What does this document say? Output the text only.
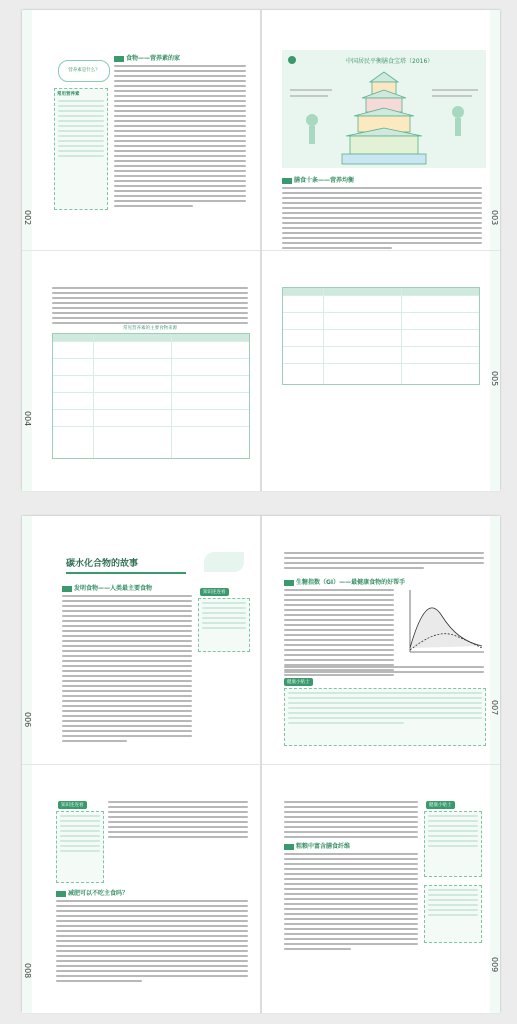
002
营养素是什么？
常用营养素
食物——营养素的家
003
中国居民平衡膳食宝塔（2016）
膳食十条——营养均衡
004
常见营养素的主要食物来源
005
006
碳水化合物的故事
发明食物——人类最主要食物
知识连连看
007
生糖指数（GI）——最健康食物的好帮手
健康小贴士
008
知识连连看
减肥可以不吃主食吗？
009
粗粮中富含膳食纤维
健康小贴士
